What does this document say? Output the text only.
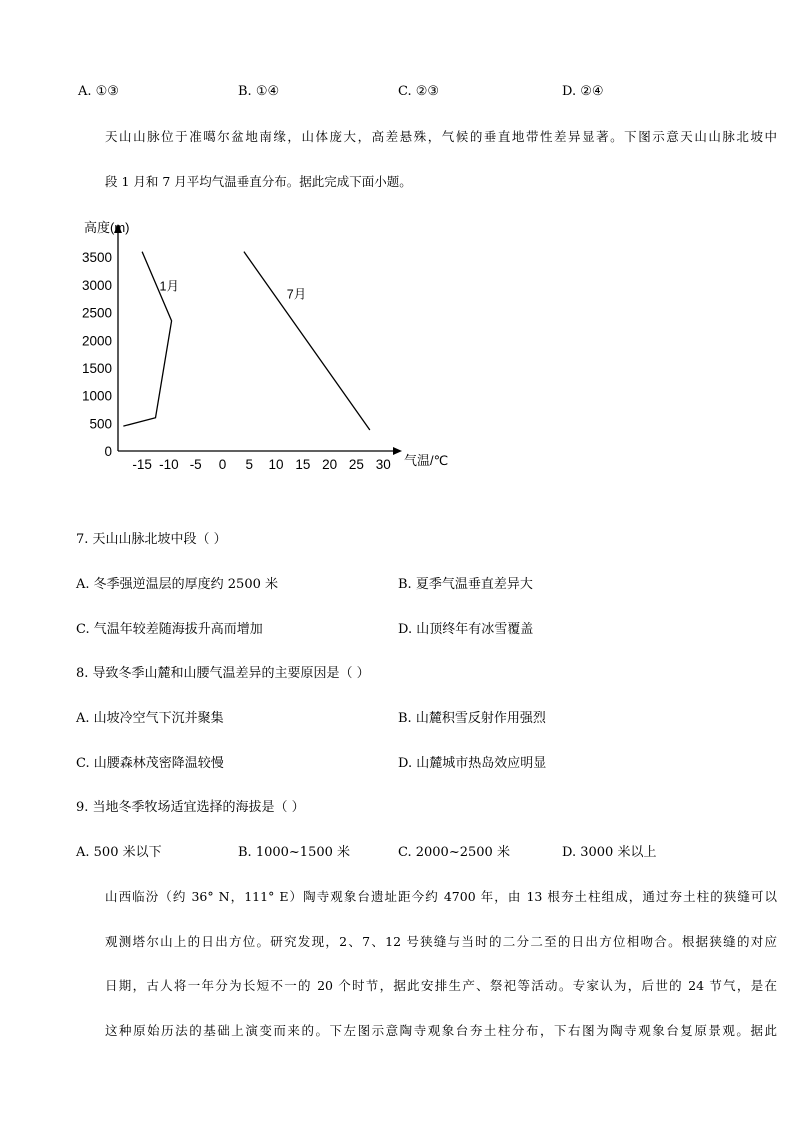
A. ①③	B. ①④	C. ②③	D. ②④
天山山脉位于准噶尔盆地南缘，山体庞大，高差悬殊，气候的垂直地带性差异显著。下图示意天山山脉北坡中
段 1 月和 7 月平均气温垂直分布。据此完成下面小题。
高度(m)
气温/℃
-15 -10 -5 0 5 10 15 20 25 30
0
500
1000
1500
2000
2500
3000
3500
1月
7月
7. 天山山脉北坡中段（ ）
A. 冬季强逆温层的厚度约 2500 米	B. 夏季气温垂直差异大
C. 气温年较差随海拔升高而增加	D. 山顶终年有冰雪覆盖
8. 导致冬季山麓和山腰气温差异的主要原因是（ ）
A. 山坡冷空气下沉并聚集	B. 山麓积雪反射作用强烈
C. 山腰森林茂密降温较慢	D. 山麓城市热岛效应明显
9. 当地冬季牧场适宜选择的海拔是（ ）
A. 500 米以下	B. 1000~1500 米	C. 2000~2500 米	D. 3000 米以上
山西临汾（约 36° N，111° E）陶寺观象台遗址距今约 4700 年，由 13 根夯土柱组成，通过夯土柱的狭缝可以
观测塔尔山上的日出方位。研究发现，2、7、12 号狭缝与当时的二分二至的日出方位相吻合。根据狭缝的对应
日期，古人将一年分为长短不一的 20 个时节，据此安排生产、祭祀等活动。专家认为，后世的 24 节气，是在
这种原始历法的基础上演变而来的。下左图示意陶寺观象台夯土柱分布，下右图为陶寺观象台复原景观。据此
